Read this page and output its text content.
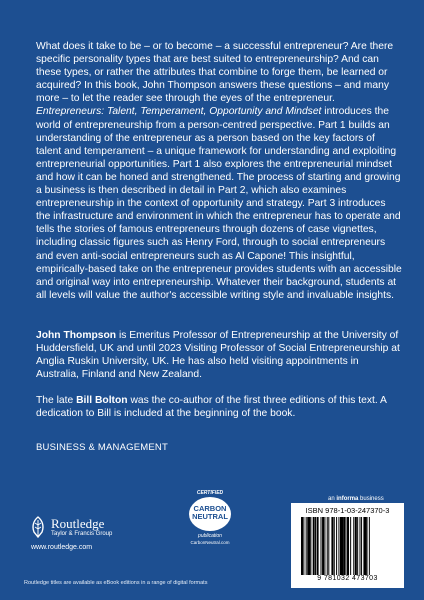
What does it take to be – or to become – a successful entrepreneur? Are there specific personality types that are best suited to entrepreneurship? And can these types, or rather the attributes that combine to forge them, be learned or acquired? In this book, John Thompson answers these questions – and many more – to let the reader see through the eyes of the entrepreneur. Entrepreneurs: Talent, Temperament, Opportunity and Mindset introduces the world of entrepreneurship from a person-centred perspective. Part 1 builds an understanding of the entrepreneur as a person based on the key factors of talent and temperament – a unique framework for understanding and exploiting entrepreneurial opportunities. Part 1 also explores the entrepreneurial mindset and how it can be honed and strengthened. The process of starting and growing a business is then described in detail in Part 2, which also examines entrepreneurship in the context of opportunity and strategy. Part 3 introduces the infrastructure and environment in which the entrepreneur has to operate and tells the stories of famous entrepreneurs through dozens of case vignettes, including classic figures such as Henry Ford, through to social entrepreneurs and even anti-social entrepreneurs such as Al Capone! This insightful, empirically-based take on the entrepreneur provides students with an accessible and original way into entrepreneurship. Whatever their background, students at all levels will value the author's accessible writing style and invaluable insights.

John Thompson is Emeritus Professor of Entrepreneurship at the University of Huddersfield, UK and until 2023 Visiting Professor of Social Entrepreneurship at Anglia Ruskin University, UK. He has also held visiting appointments in Australia, Finland and New Zealand.

The late Bill Bolton was the co-author of the first three editions of this text. A dedication to Bill is included at the beginning of the book.

BUSINESS & MANAGEMENT
Routledge
Taylor & Francis Group
www.routledge.com
CERTIFIED
CARBON
NEUTRAL
publication
CarbonNeutral.com
an informa business
ISBN 978-1-03-247370-3
9 781032 473703
Routledge titles are available as eBook editions in a range of digital formats
